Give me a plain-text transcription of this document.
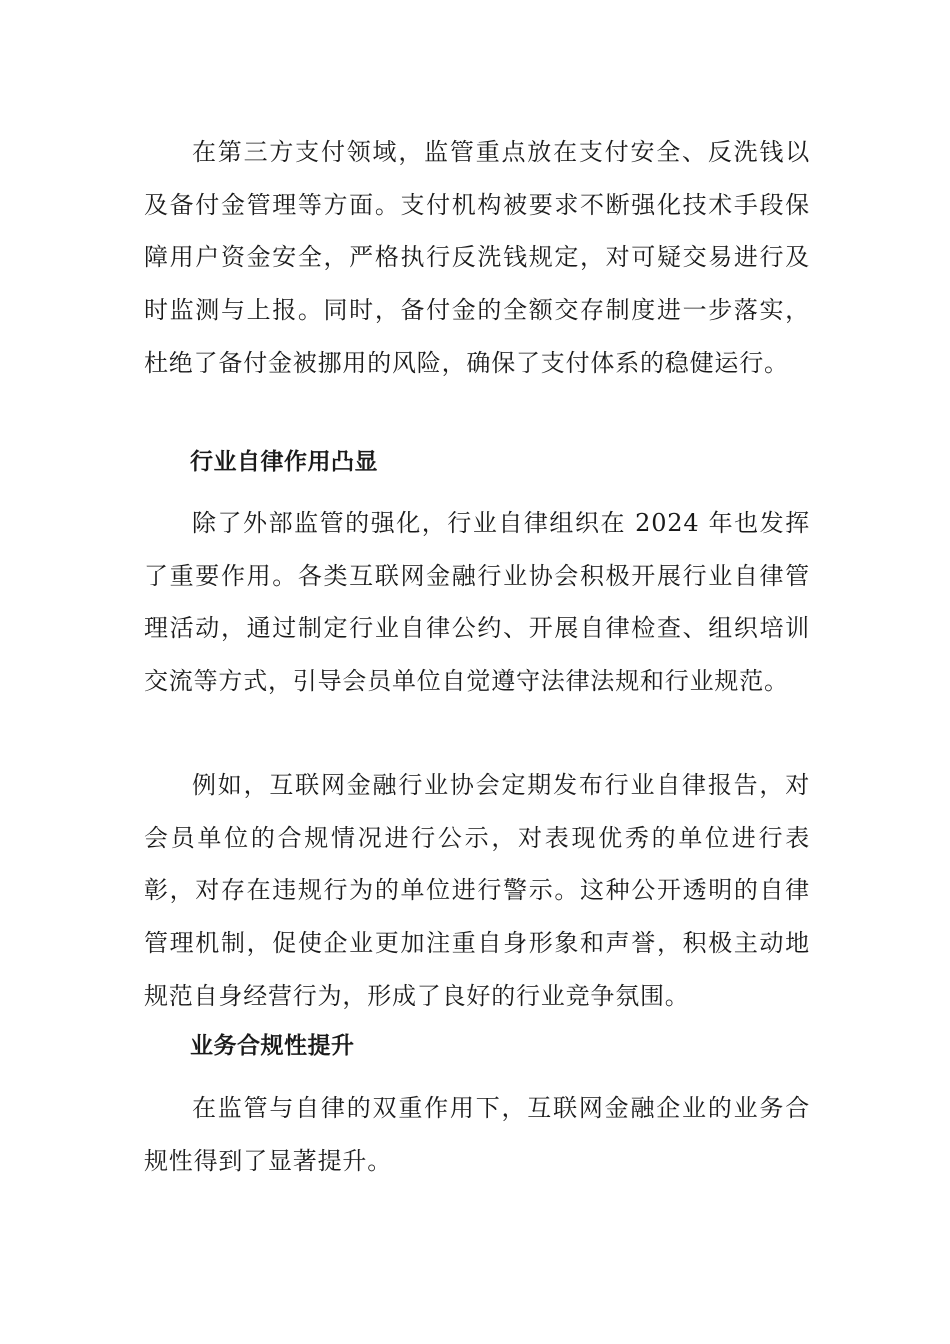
在第三方支付领域，监管重点放在支付安全、反洗钱以及备付金管理等方面。支付机构被要求不断强化技术手段保障用户资金安全，严格执行反洗钱规定，对可疑交易进行及时监测与上报。同时，备付金的全额交存制度进一步落实，杜绝了备付金被挪用的风险，确保了支付体系的稳健运行。

行业自律作用凸显

除了外部监管的强化，行业自律组织在 2024 年也发挥了重要作用。各类互联网金融行业协会积极开展行业自律管理活动，通过制定行业自律公约、开展自律检查、组织培训交流等方式，引导会员单位自觉遵守法律法规和行业规范。

例如，互联网金融行业协会定期发布行业自律报告，对会员单位的合规情况进行公示，对表现优秀的单位进行表彰，对存在违规行为的单位进行警示。这种公开透明的自律管理机制，促使企业更加注重自身形象和声誉，积极主动地规范自身经营行为，形成了良好的行业竞争氛围。

业务合规性提升

在监管与自律的双重作用下，互联网金融企业的业务合规性得到了显著提升。
